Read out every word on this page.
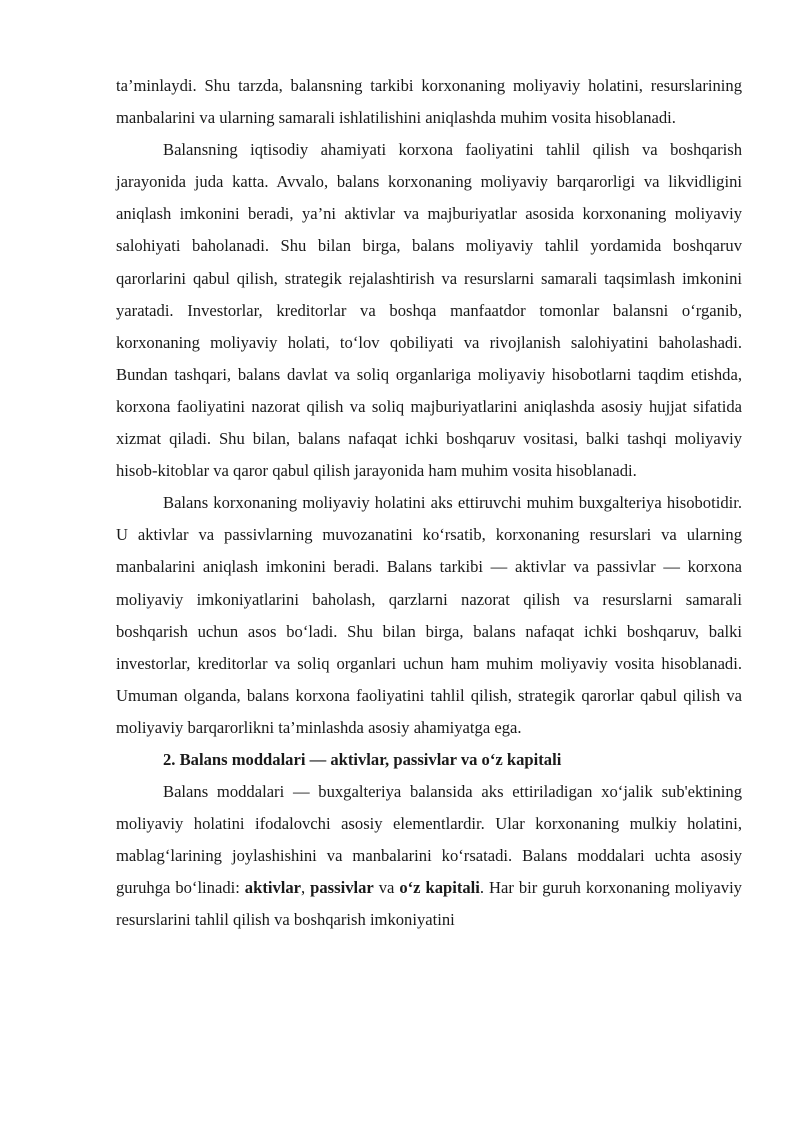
ta’minlaydi. Shu tarzda, balansning tarkibi korxonaning moliyaviy holatini, resurslarining manbalarini va ularning samarali ishlatilishini aniqlashda muhim vosita hisoblanadi.

Balansning iqtisodiy ahamiyati korxona faoliyatini tahlil qilish va boshqarish jarayonida juda katta. Avvalo, balans korxonaning moliyaviy barqarorligi va likvidligini aniqlash imkonini beradi, ya’ni aktivlar va majburiyatlar asosida korxonaning moliyaviy salohiyati baholanadi. Shu bilan birga, balans moliyaviy tahlil yordamida boshqaruv qarorlarini qabul qilish, strategik rejalashtirish va resurslarni samarali taqsimlash imkonini yaratadi. Investorlar, kreditorlar va boshqa manfaatdor tomonlar balansni o‘rganib, korxonaning moliyaviy holati, to‘lov qobiliyati va rivojlanish salohiyatini baholashadi. Bundan tashqari, balans davlat va soliq organlariga moliyaviy hisobotlarni taqdim etishda, korxona faoliyatini nazorat qilish va soliq majburiyatlarini aniqlashda asosiy hujjat sifatida xizmat qiladi. Shu bilan, balans nafaqat ichki boshqaruv vositasi, balki tashqi moliyaviy hisob-kitoblar va qaror qabul qilish jarayonida ham muhim vosita hisoblanadi.

Balans korxonaning moliyaviy holatini aks ettiruvchi muhim buxgalteriya hisobotidir. U aktivlar va passivlarning muvozanatini ko‘rsatib, korxonaning resurslari va ularning manbalarini aniqlash imkonini beradi. Balans tarkibi — aktivlar va passivlar — korxona moliyaviy imkoniyatlarini baholash, qarzlarni nazorat qilish va resurslarni samarali boshqarish uchun asos bo‘ladi. Shu bilan birga, balans nafaqat ichki boshqaruv, balki investorlar, kreditorlar va soliq organlari uchun ham muhim moliyaviy vosita hisoblanadi. Umuman olganda, balans korxona faoliyatini tahlil qilish, strategik qarorlar qabul qilish va moliyaviy barqarorlikni ta’minlashda asosiy ahamiyatga ega.

2. Balans moddalari — aktivlar, passivlar va o‘z kapitali

Balans moddalari — buxgalteriya balansida aks ettiriladigan xo‘jalik sub'ektining moliyaviy holatini ifodalovchi asosiy elementlardir. Ular korxonaning mulkiy holatini, mablag‘larining joylashishini va manbalarini ko‘rsatadi. Balans moddalari uchta asosiy guruhga bo‘linadi: aktivlar, passivlar va o‘z kapitali. Har bir guruh korxonaning moliyaviy resurslarini tahlil qilish va boshqarish imkoniyatini
